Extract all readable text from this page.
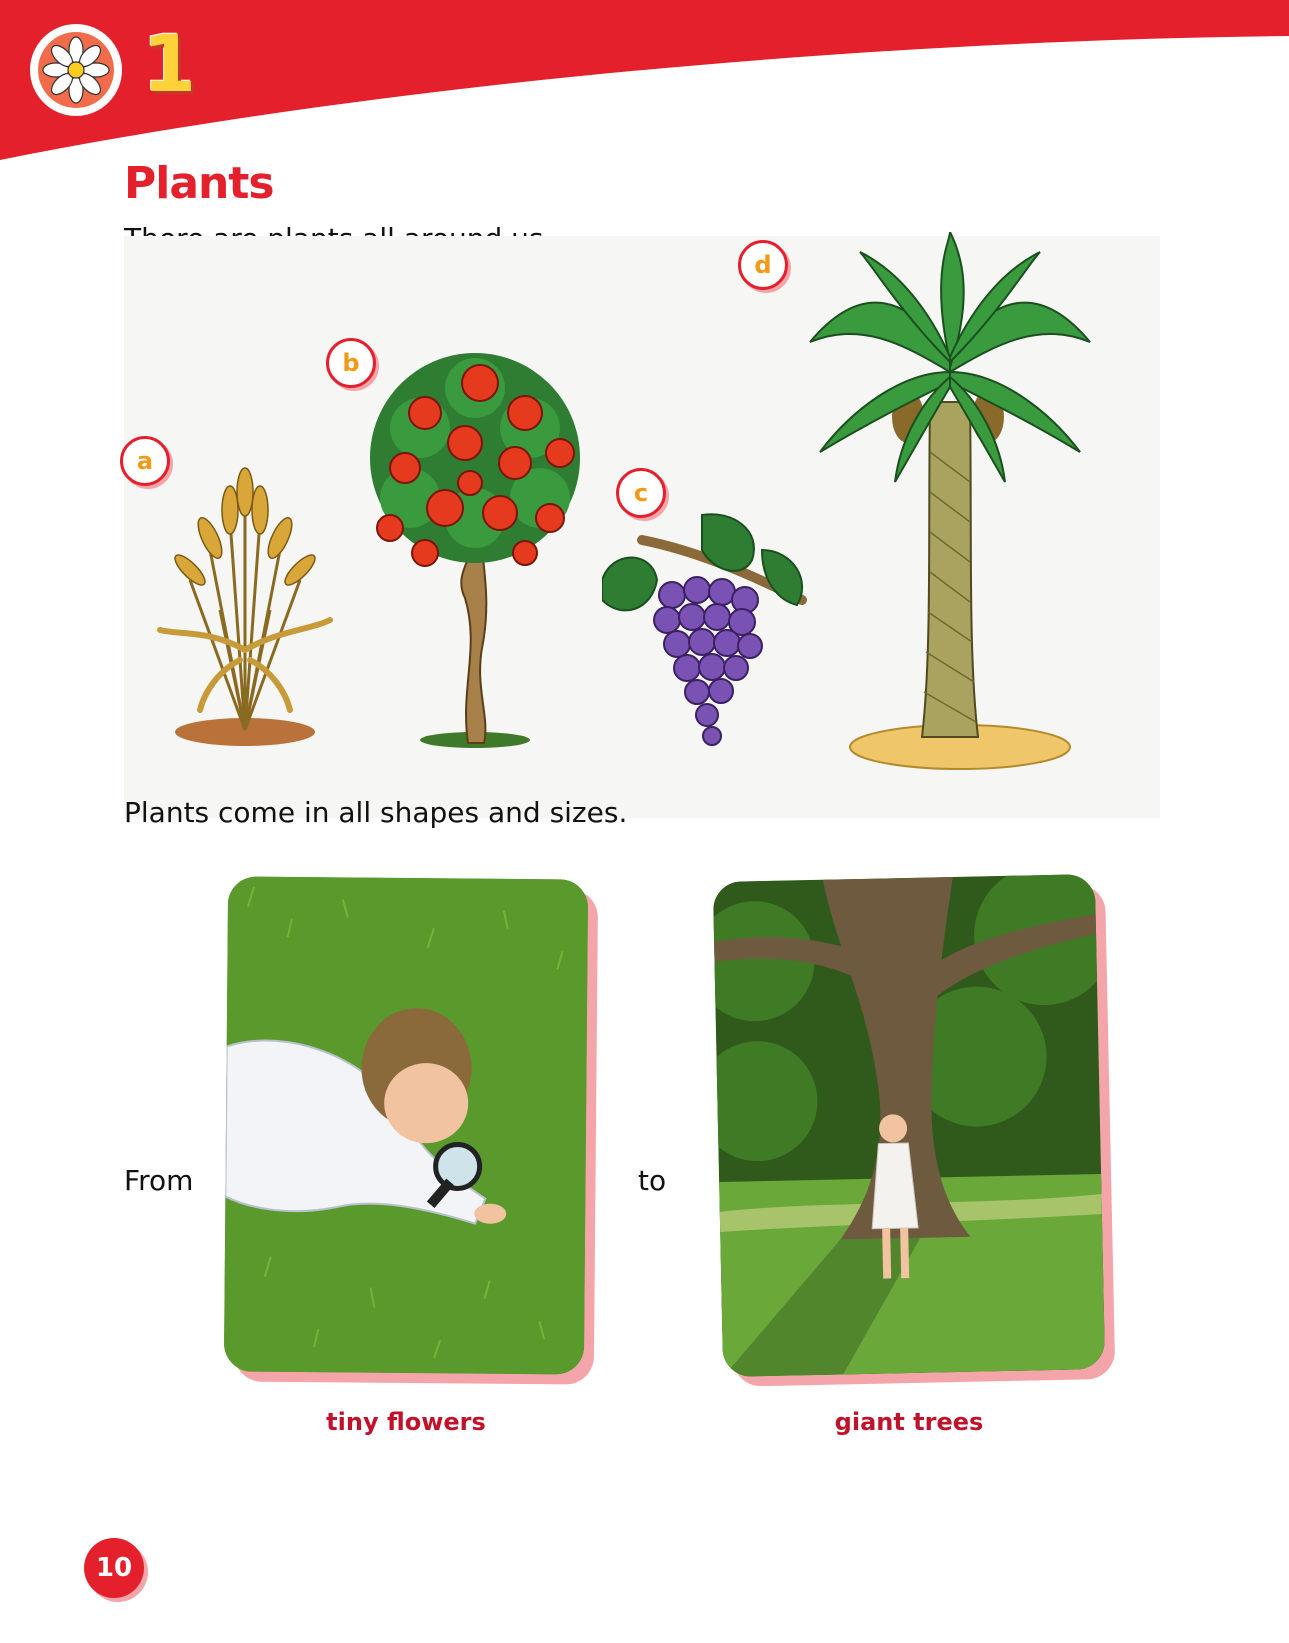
1
Plants

a
b
c
d

Plants come in all shapes and sizes.

From	to

tiny flowers	giant trees

10
